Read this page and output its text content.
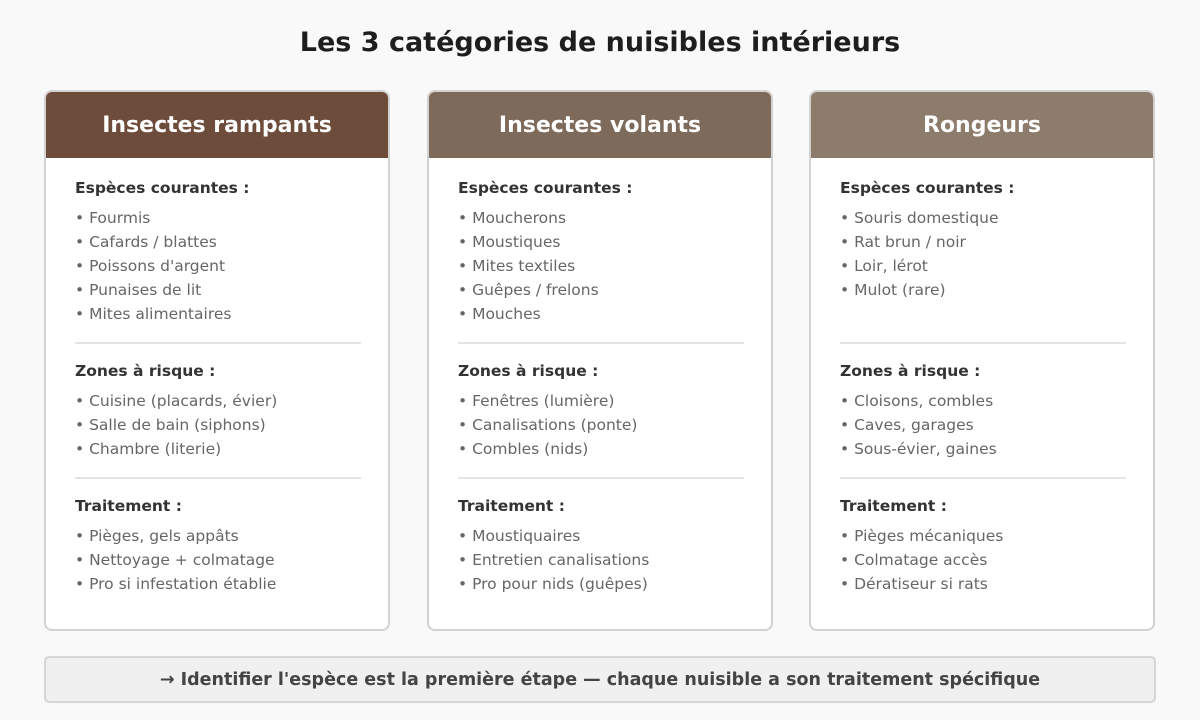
Les 3 catégories de nuisibles intérieurs
Insectes rampants
Espèces courantes :
• Fourmis
• Cafards / blattes
• Poissons d'argent
• Punaises de lit
• Mites alimentaires
Zones à risque :
• Cuisine (placards, évier)
• Salle de bain (siphons)
• Chambre (literie)
Traitement :
• Pièges, gels appâts
• Nettoyage + colmatage
• Pro si infestation établie
Insectes volants
Espèces courantes :
• Moucherons
• Moustiques
• Mites textiles
• Guêpes / frelons
• Mouches
Zones à risque :
• Fenêtres (lumière)
• Canalisations (ponte)
• Combles (nids)
Traitement :
• Moustiquaires
• Entretien canalisations
• Pro pour nids (guêpes)
Rongeurs
Espèces courantes :
• Souris domestique
• Rat brun / noir
• Loir, lérot
• Mulot (rare)
Zones à risque :
• Cloisons, combles
• Caves, garages
• Sous-évier, gaines
Traitement :
• Pièges mécaniques
• Colmatage accès
• Dératiseur si rats
→ Identifier l'espèce est la première étape — chaque nuisible a son traitement spécifique
